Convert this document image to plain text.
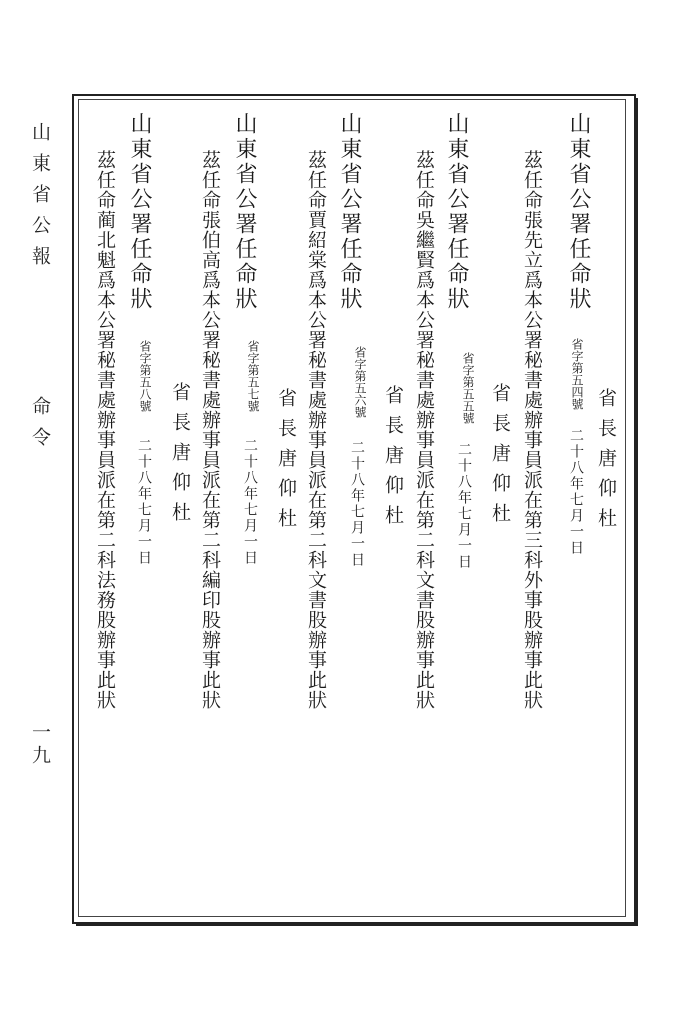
山東省公報
命令
一九
山東省公署任命狀
省字第五四號
二十八年七月一日 省長唐仰杜
茲任命張先立爲本公署秘書處辦事員派在第三科外事股辦事此狀
省長唐仰杜
山東省公署任命狀
省字第五五號
二十八年七月一日
茲任命吳繼賢爲本公署秘書處辦事員派在第二科文書股辦事此狀
省長唐仰杜
山東省公署任命狀
省字第五六號
二十八年七月一日
茲任命賈紹棠爲本公署秘書處辦事員派在第二科文書股辦事此狀
省長唐仰杜
山東省公署任命狀
省字第五七號
二十八年七月一日
茲任命張伯高爲本公署秘書處辦事員派在第二科編印股辦事此狀
省長唐仰杜
山東省公署任命狀
省字第五八號
二十八年七月一日
茲任命蔺北魁爲本公署秘書處辦事員派在第二科法務股辦事此狀
